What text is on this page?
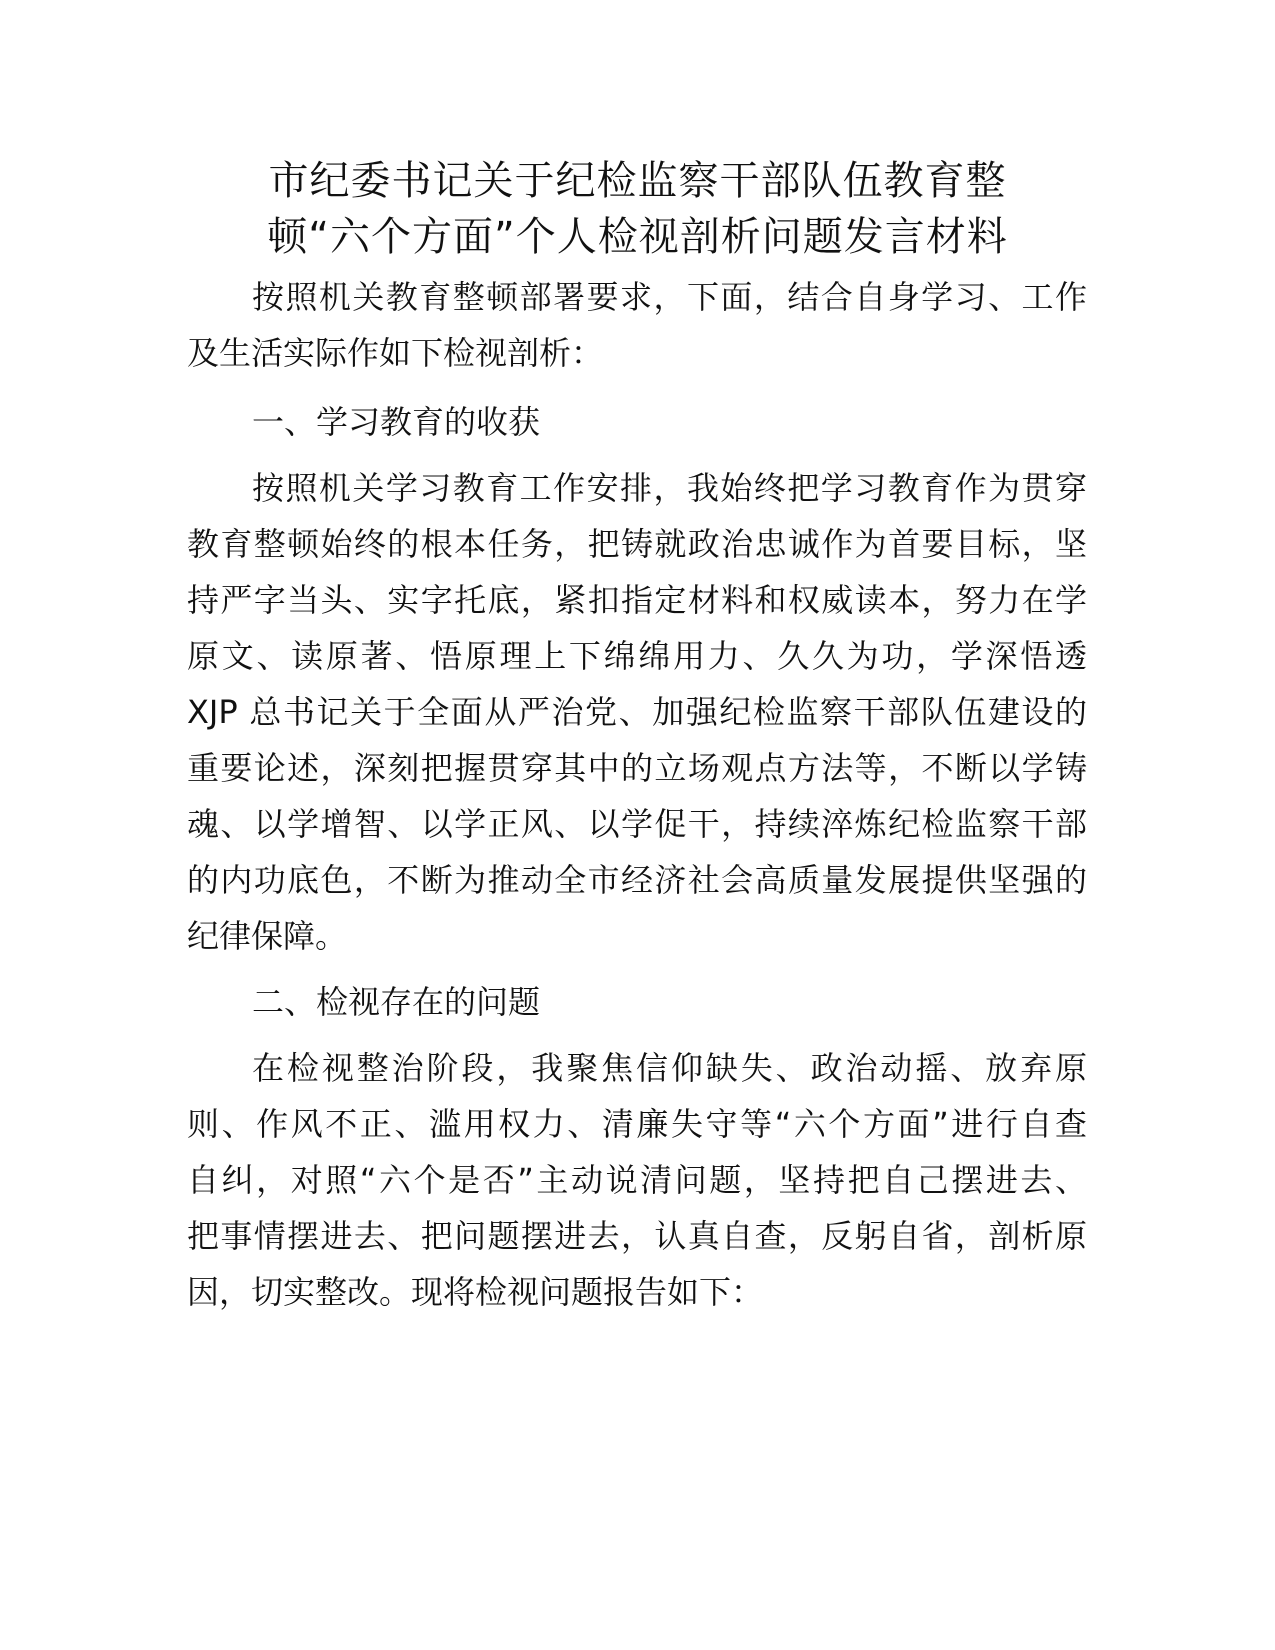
市纪委书记关于纪检监察干部队伍教育整
顿“六个方面”个人检视剖析问题发言材料
按照机关教育整顿部署要求，下面，结合自身学习、工作
及生活实际作如下检视剖析：
一、学习教育的收获
按照机关学习教育工作安排，我始终把学习教育作为贯穿
教育整顿始终的根本任务，把铸就政治忠诚作为首要目标，坚
持严字当头、实字托底，紧扣指定材料和权威读本，努力在学
原文、读原著、悟原理上下绵绵用力、久久为功，学深悟透
XJP 总书记关于全面从严治党、加强纪检监察干部队伍建设的
重要论述，深刻把握贯穿其中的立场观点方法等，不断以学铸
魂、以学增智、以学正风、以学促干，持续淬炼纪检监察干部
的内功底色，不断为推动全市经济社会高质量发展提供坚强的
纪律保障。
二、检视存在的问题
在检视整治阶段，我聚焦信仰缺失、政治动摇、放弃原
则、作风不正、滥用权力、清廉失守等“六个方面”进行自查
自纠，对照“六个是否”主动说清问题，坚持把自己摆进去、
把事情摆进去、把问题摆进去，认真自查，反躬自省，剖析原
因，切实整改。现将检视问题报告如下：
